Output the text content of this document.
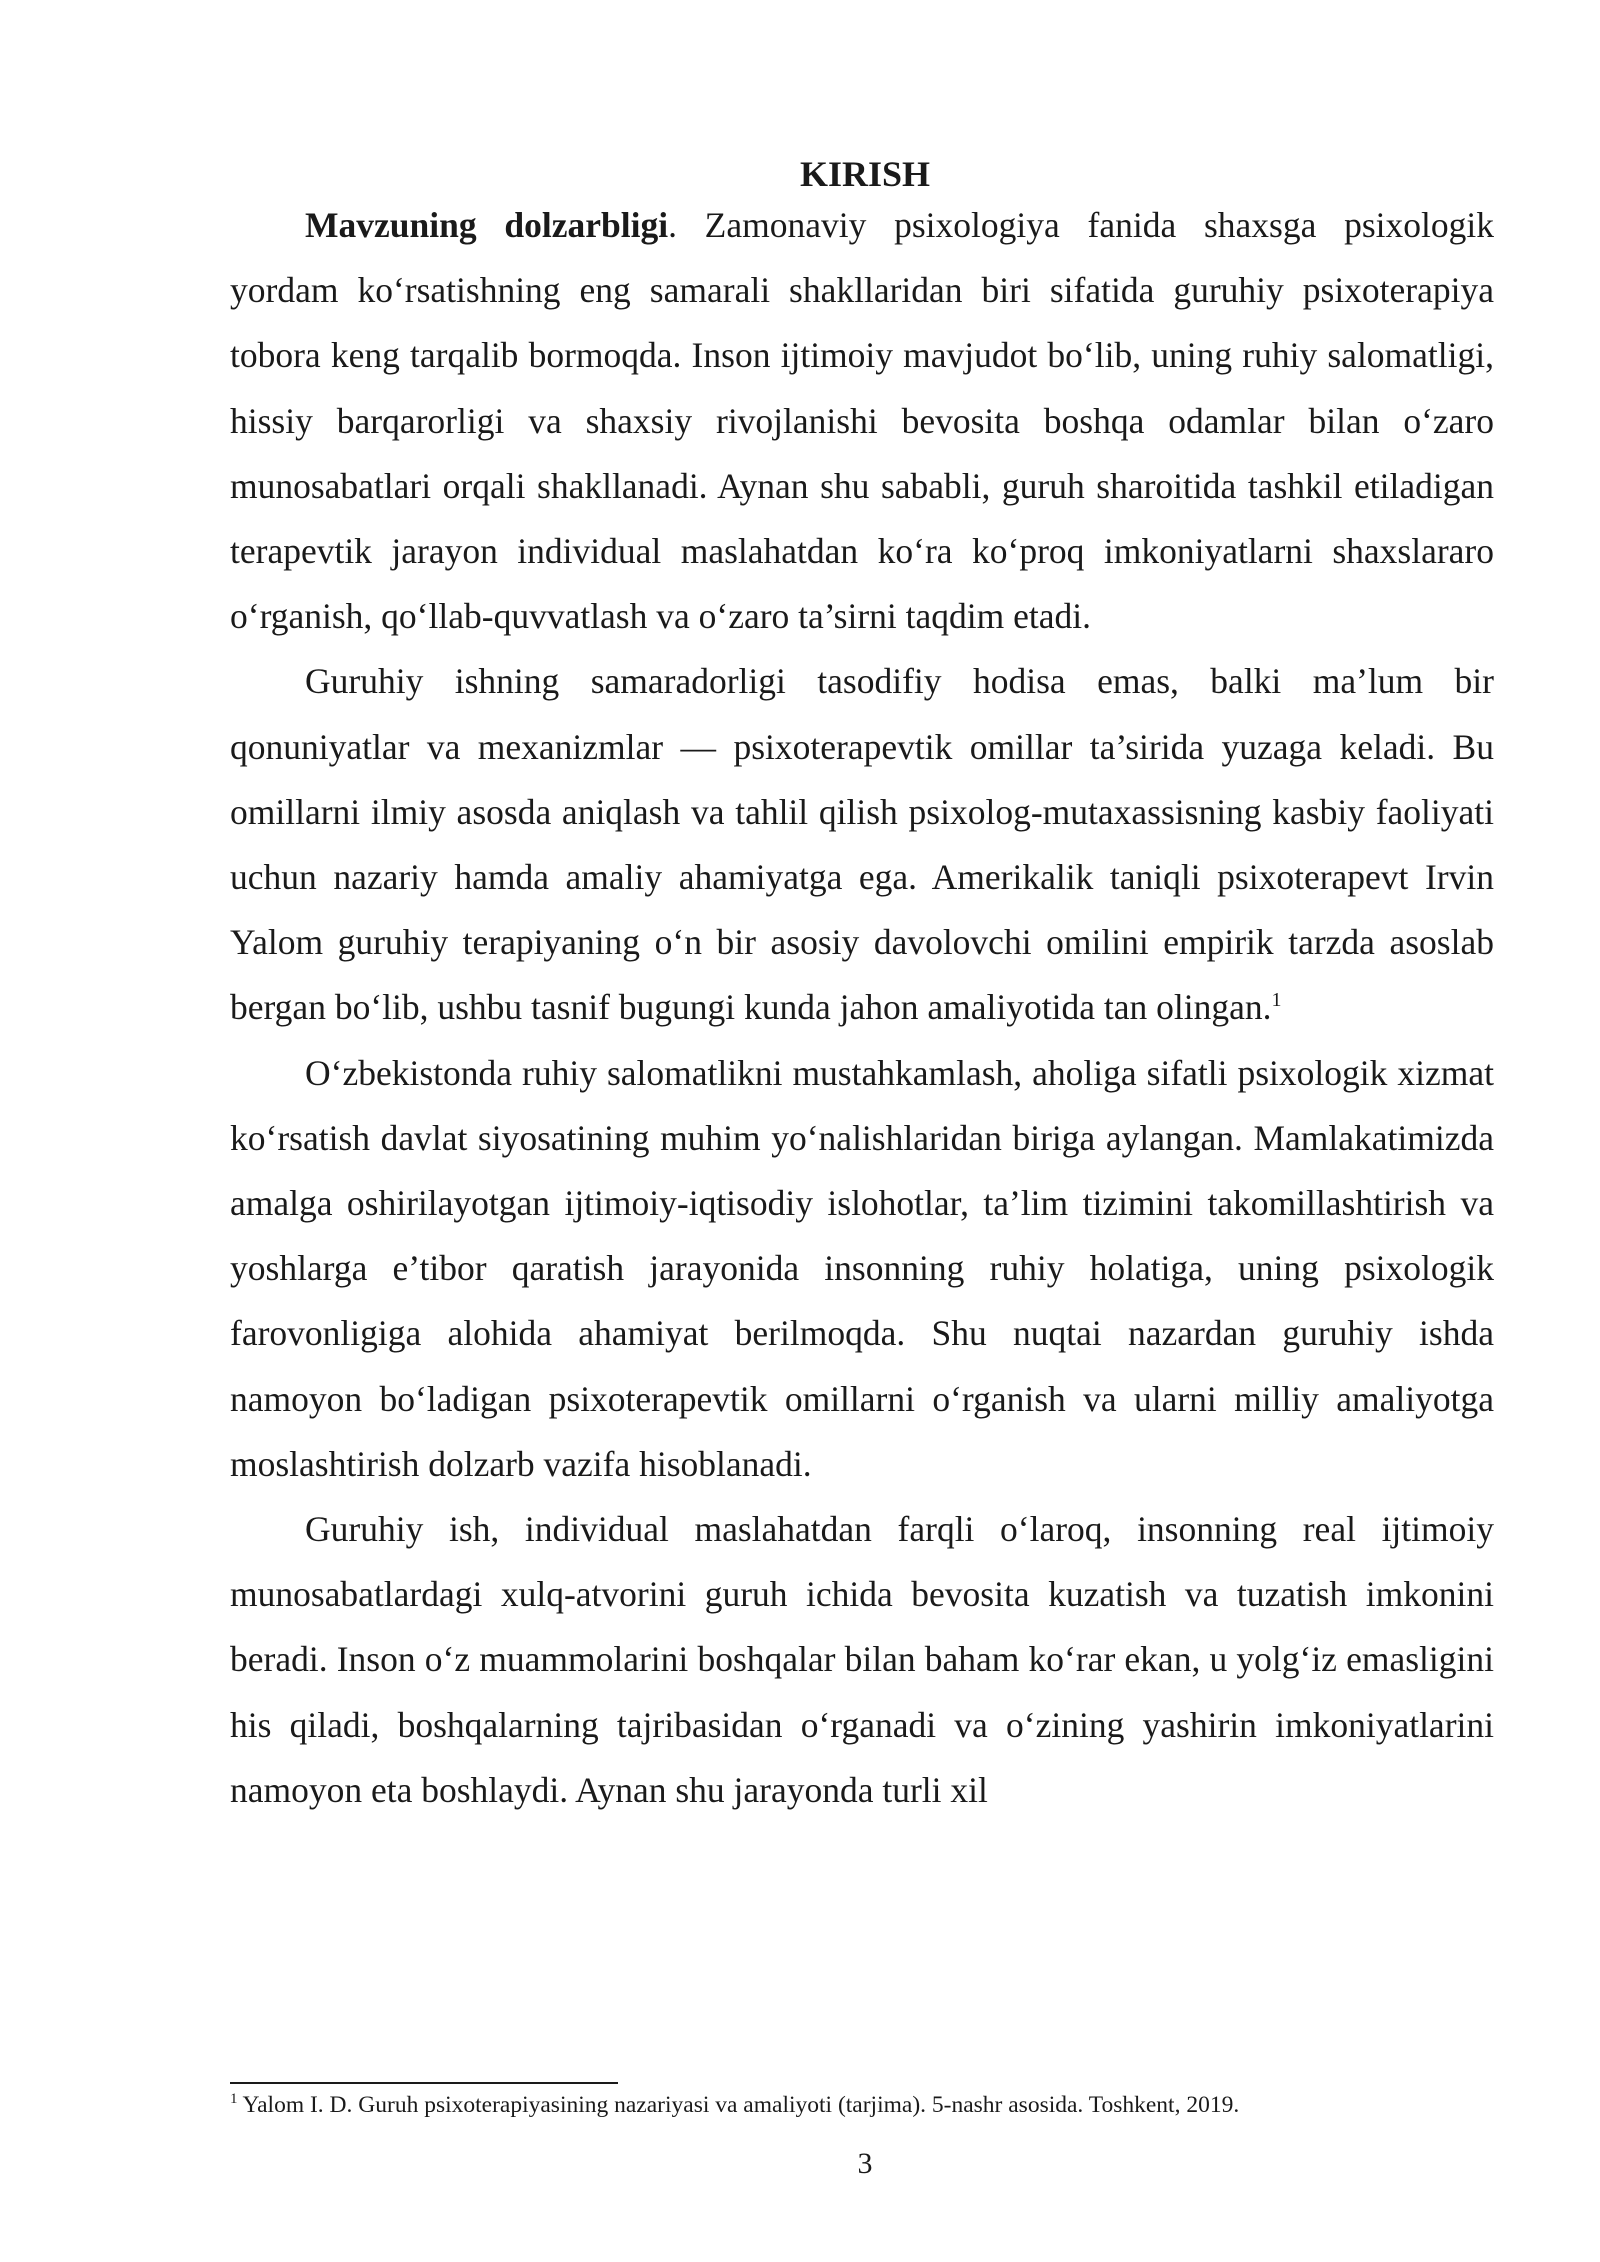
KIRISH

Mavzuning dolzarbligi. Zamonaviy psixologiya fanida shaxsga psixologik yordam ko‘rsatishning eng samarali shakllaridan biri sifatida guruhiy psixoterapiya tobora keng tarqalib bormoqda. Inson ijtimoiy mavjudot bo‘lib, uning ruhiy salomatligi, hissiy barqarorligi va shaxsiy rivojlanishi bevosita boshqa odamlar bilan o‘zaro munosabatlari orqali shakllanadi. Aynan shu sababli, guruh sharoitida tashkil etiladigan terapevtik jarayon individual maslahatdan ko‘ra ko‘proq imkoniyatlarni shaxslararo o‘rganish, qo‘llab-quvvatlash va o‘zaro ta’sirni taqdim etadi.

Guruhiy ishning samaradorligi tasodifiy hodisa emas, balki ma’lum bir qonuniyatlar va mexanizmlar — psixoterapevtik omillar ta’sirida yuzaga keladi. Bu omillarni ilmiy asosda aniqlash va tahlil qilish psixolog-mutaxassisning kasbiy faoliyati uchun nazariy hamda amaliy ahamiyatga ega. Amerikalik taniqli psixoterapevt Irvin Yalom guruhiy terapiyaning o‘n bir asosiy davolovchi omilini empirik tarzda asoslab bergan bo‘lib, ushbu tasnif bugungi kunda jahon amaliyotida tan olingan.$^1$

O‘zbekistonda ruhiy salomatlikni mustahkamlash, aholiga sifatli psixologik xizmat ko‘rsatish davlat siyosatining muhim yo‘nalishlaridan biriga aylangan. Mamlakatimizda amalga oshirilayotgan ijtimoiy-iqtisodiy islohotlar, ta’lim tizimini takomillashtirish va yoshlarga e’tibor qaratish jarayonida insonning ruhiy holatiga, uning psixologik farovonligiga alohida ahamiyat berilmoqda. Shu nuqtai nazardan guruhiy ishda namoyon bo‘ladigan psixoterapevtik omillarni o‘rganish va ularni milliy amaliyotga moslashtirish dolzarb vazifa hisoblanadi.

Guruhiy ish, individual maslahatdan farqli o‘laroq, insonning real ijtimoiy munosabatlardagi xulq-atvorini guruh ichida bevosita kuzatish va tuzatish imkonini beradi. Inson o‘z muammolarini boshqalar bilan baham ko‘rar ekan, u yolg‘iz emasligini his qiladi, boshqalarning tajribasidan o‘rganadi va o‘zining yashirin imkoniyatlarini namoyon eta boshlaydi. Aynan shu jarayonda turli xil

$^1$ Yalom I. D. Guruh psixoterapiyasining nazariyasi va amaliyoti (tarjima). 5-nashr asosida. Toshkent, 2019.
3
